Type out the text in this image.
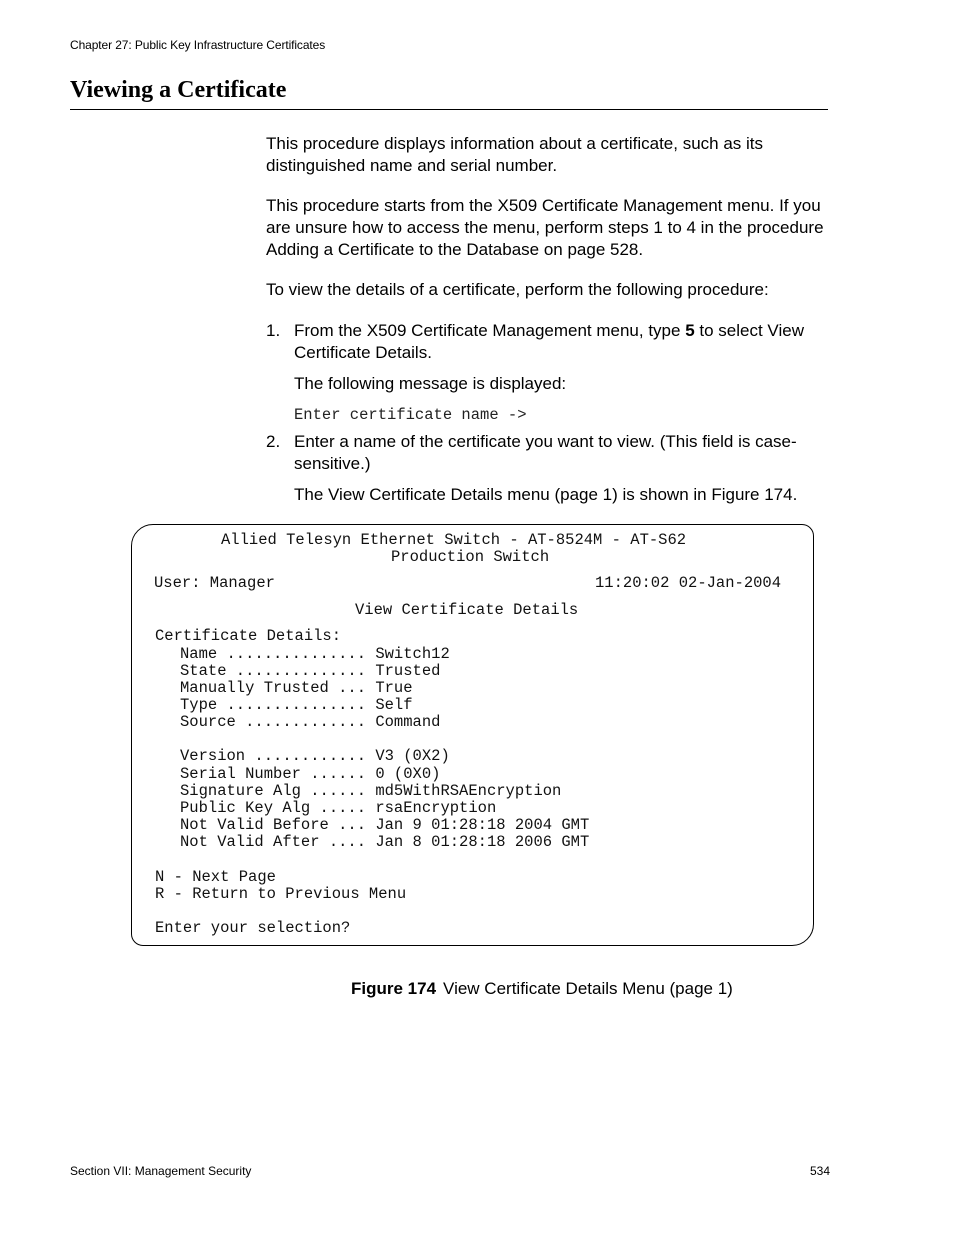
Chapter 27: Public Key Infrastructure Certificates
Viewing a Certificate

This procedure displays information about a certificate, such as its distinguished name and serial number.

This procedure starts from the X509 Certificate Management menu. If you are unsure how to access the menu, perform steps 1 to 4 in the procedure Adding a Certificate to the Database on page 528.

To view the details of a certificate, perform the following procedure:

1. From the X509 Certificate Management menu, type 5 to select View Certificate Details.

The following message is displayed:

Enter certificate name ->
2. Enter a name of the certificate you want to view. (This field is case-sensitive.)

The View Certificate Details menu (page 1) is shown in Figure 174.

Allied Telesyn Ethernet Switch - AT-8524M - AT-S62
Production Switch
User: Manager	11:20:02 02-Jan-2004
View Certificate Details
Certificate Details:
Name ............... Switch12
State .............. Trusted
Manually Trusted ... True
Type ............... Self
Source ............. Command
Version ............ V3 (0X2)
Serial Number ...... 0 (0X0)
Signature Alg ...... md5WithRSAEncryption
Public Key Alg ..... rsaEncryption
Not Valid Before ... Jan 9 01:28:18 2004 GMT
Not Valid After .... Jan 8 01:28:18 2006 GMT
N - Next Page
R - Return to Previous Menu
Enter your selection?
Figure 174 View Certificate Details Menu (page 1)
Section VII: Management Security	534
